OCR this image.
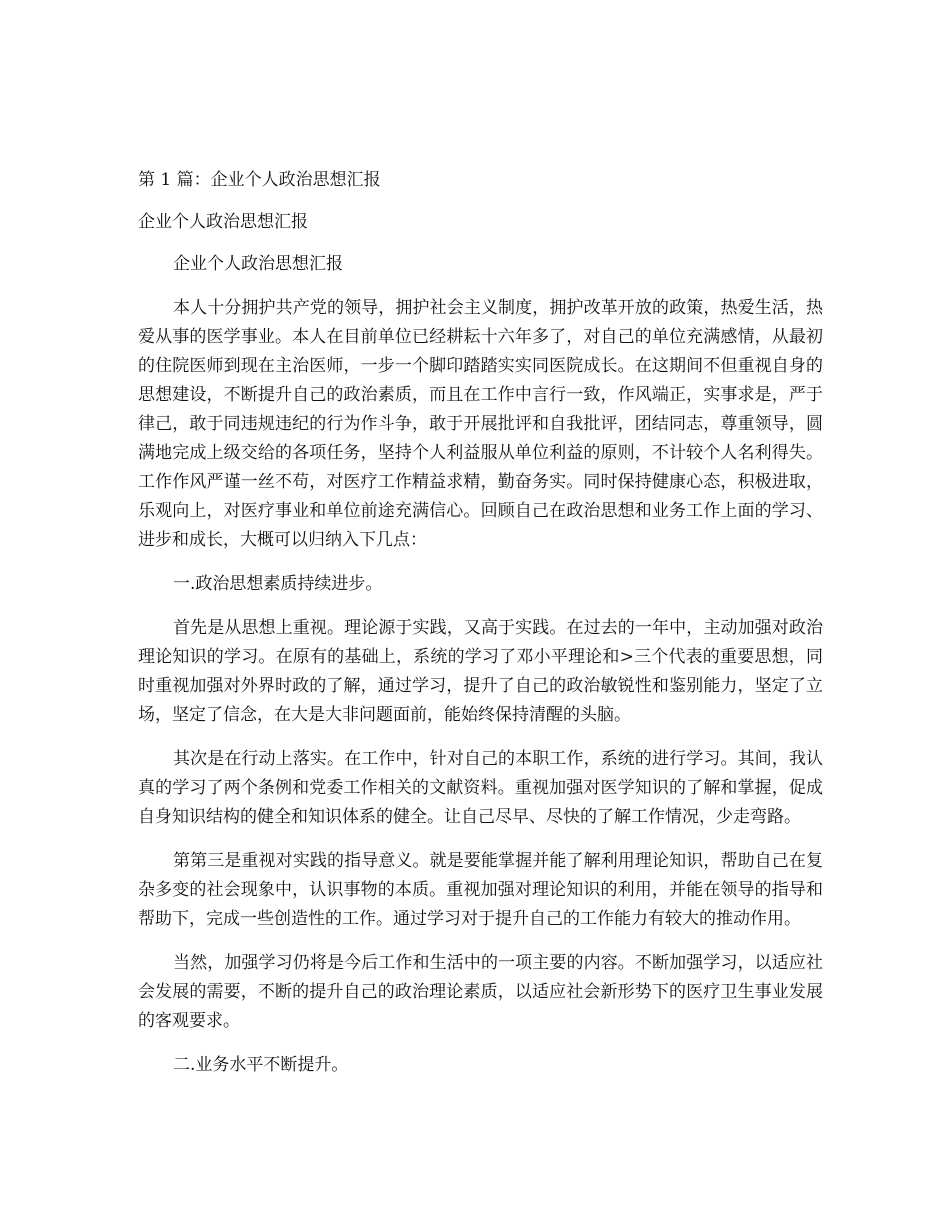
第 1 篇：企业个人政治思想汇报

企业个人政治思想汇报

企业个人政治思想汇报

本人十分拥护共产党的领导，拥护社会主义制度，拥护改革开放的政策，热爱生活，热爱从事的医学事业。本人在目前单位已经耕耘十六年多了，对自己的单位充满感情，从最初的住院医师到现在主治医师，一步一个脚印踏踏实实同医院成长。在这期间不但重视自身的思想建设，不断提升自己的政治素质，而且在工作中言行一致，作风端正，实事求是，严于律己，敢于同违规违纪的行为作斗争，敢于开展批评和自我批评，团结同志，尊重领导，圆满地完成上级交给的各项任务，坚持个人利益服从单位利益的原则，不计较个人名利得失。工作作风严谨一丝不苟，对医疗工作精益求精，勤奋务实。同时保持健康心态，积极进取，乐观向上，对医疗事业和单位前途充满信心。回顾自己在政治思想和业务工作上面的学习、进步和成长，大概可以归纳入下几点：

一.政治思想素质持续进步。

首先是从思想上重视。理论源于实践，又高于实践。在过去的一年中，主动加强对政治理论知识的学习。在原有的基础上，系统的学习了邓小平理论和>三个代表的重要思想，同时重视加强对外界时政的了解，通过学习，提升了自己的政治敏锐性和鉴别能力，坚定了立场，坚定了信念，在大是大非问题面前，能始终保持清醒的头脑。

其次是在行动上落实。在工作中，针对自己的本职工作，系统的进行学习。其间，我认真的学习了两个条例和党委工作相关的文献资料。重视加强对医学知识的了解和掌握，促成自身知识结构的健全和知识体系的健全。让自己尽早、尽快的了解工作情况，少走弯路。

第第三是重视对实践的指导意义。就是要能掌握并能了解利用理论知识，帮助自己在复杂多变的社会现象中，认识事物的本质。重视加强对理论知识的利用，并能在领导的指导和帮助下，完成一些创造性的工作。通过学习对于提升自己的工作能力有较大的推动作用。

当然，加强学习仍将是今后工作和生活中的一项主要的内容。不断加强学习，以适应社会发展的需要，不断的提升自己的政治理论素质，以适应社会新形势下的医疗卫生事业发展的客观要求。

二.业务水平不断提升。
